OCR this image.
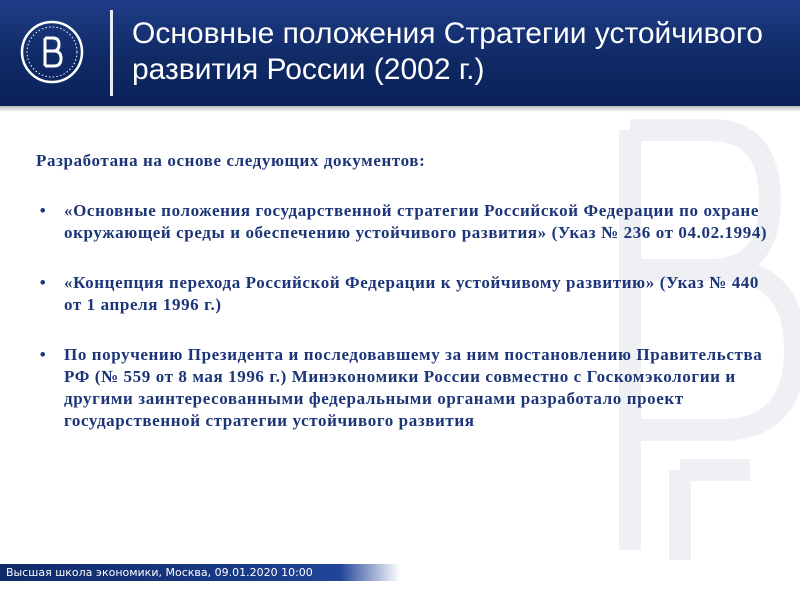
Основные положения Стратегии устойчивого развития России (2002 г.)

Разработана на основе следующих документов:

• «Основные положения государственной стратегии Российской Федерации по охране окружающей среды и обеспечению устойчивого развития» (Указ № 236 от 04.02.1994)
• «Концепция перехода Российской Федерации к устойчивому развитию» (Указ № 440 от 1 апреля 1996 г.)
• По поручению Президента и последовавшему за ним постановлению Правительства РФ (№ 559 от 8 мая 1996 г.) Минэкономики России совместно с Госкомэкологии и другими заинтересованными федеральными органами разработало проект государственной стратегии устойчивого развития
Высшая школа экономики, Москва, 09.01.2020 10:00
